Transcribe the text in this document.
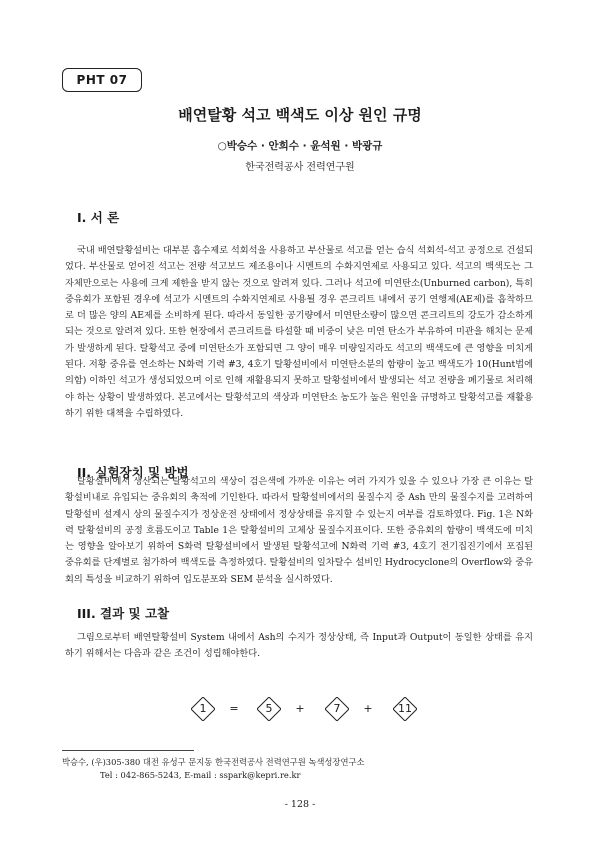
PHT 07
배연탈황 석고 백색도 이상 원인 규명
○박승수 · 안희수 · 윤석원 · 박광규
한국전력공사 전력연구원
I. 서 론

국내 배연탈황설비는 대부분 흡수제로 석회석을 사용하고 부산물로 석고를 얻는 습식 석회석-석고 공정으로 건설되었다. 부산물로 얻어진 석고는 전량 석고보드 제조용이나 시멘트의 수화지연제로 사용되고 있다. 석고의 백색도는 그 자체만으로는 사용에 크게 제한을 받지 않는 것으로 알려져 있다. 그러나 석고에 미연탄소(Unburned carbon), 특히 중유회가 포함된 경우에 석고가 시멘트의 수화지연제로 사용될 경우 콘크리트 내에서 공기 연행제(AE제)를 흡착하므로 더 많은 양의 AE제를 소비하게 된다. 따라서 동일한 공기량에서 미연탄소량이 많으면 콘크리트의 강도가 감소하게 되는 것으로 알려져 있다. 또한 현장에서 콘크리트를 타설할 때 비중이 낮은 미연 탄소가 부유하여 미관을 해치는 문제가 발생하게 된다. 탈황석고 중에 미연탄소가 포함되면 그 양이 매우 미량일지라도 석고의 백색도에 큰 영향을 미치게 된다. 저황 중유를 연소하는 N화력 기력 #3, 4호기 탈황설비에서 미연탄소분의 함량이 높고 백색도가 10(Hunt법에 의함) 이하인 석고가 생성되었으며 이로 인해 재활용되지 못하고 탈황설비에서 발생되는 석고 전량을 폐기물로 처리해야 하는 상황이 발생하였다. 본고에서는 탈황석고의 색상과 미연탄소 농도가 높은 원인을 규명하고 탈황석고를 재활용하기 위한 대책을 수립하였다.

II. 실험장치 및 방법

탈황설비에서 생산되는 탈황석고의 색상이 검은색에 가까운 이유는 여러 가지가 있을 수 있으나 가장 큰 이유는 탈황설비내로 유입되는 중유회의 축적에 기인한다. 따라서 탈황설비에서의 물질수지 중 Ash 만의 물질수지를 고려하여 탈황설비 설계시 상의 물질수지가 정상운전 상태에서 정상상태를 유지할 수 있는지 여부를 검토하였다. Fig. 1은 N화력 탈황설비의 공정 흐름도이고 Table 1은 탈황설비의 고체상 물질수지표이다. 또한 중유회의 함량이 백색도에 미치는 영향을 알아보기 위하여 S화력 탈황설비에서 발생된 탈황석고에 N화력 기력 #3, 4호기 전기집진기에서 포집된 중유회를 단계별로 첨가하여 백색도를 측정하였다. 탈황설비의 일차탈수 설비인 Hydrocyclone의 Overflow와 중유회의 특성을 비교하기 위하여 입도분포와 SEM 분석을 실시하였다.

III. 결과 및 고찰

그림으로부터 배연탈황설비 System 내에서 Ash의 수지가 정상상태, 즉 Input과 Output이 동일한 상태를 유지하기 위해서는 다음과 같은 조건이 성립해야한다.

1	=	5	+	7	+	11
박승수, (우)305-380 대전 유성구 문지동 한국전력공사 전력연구원 녹색성장연구소
Tel : 042-865-5243, E-mail : sspark@kepri.re.kr
- 128 -
